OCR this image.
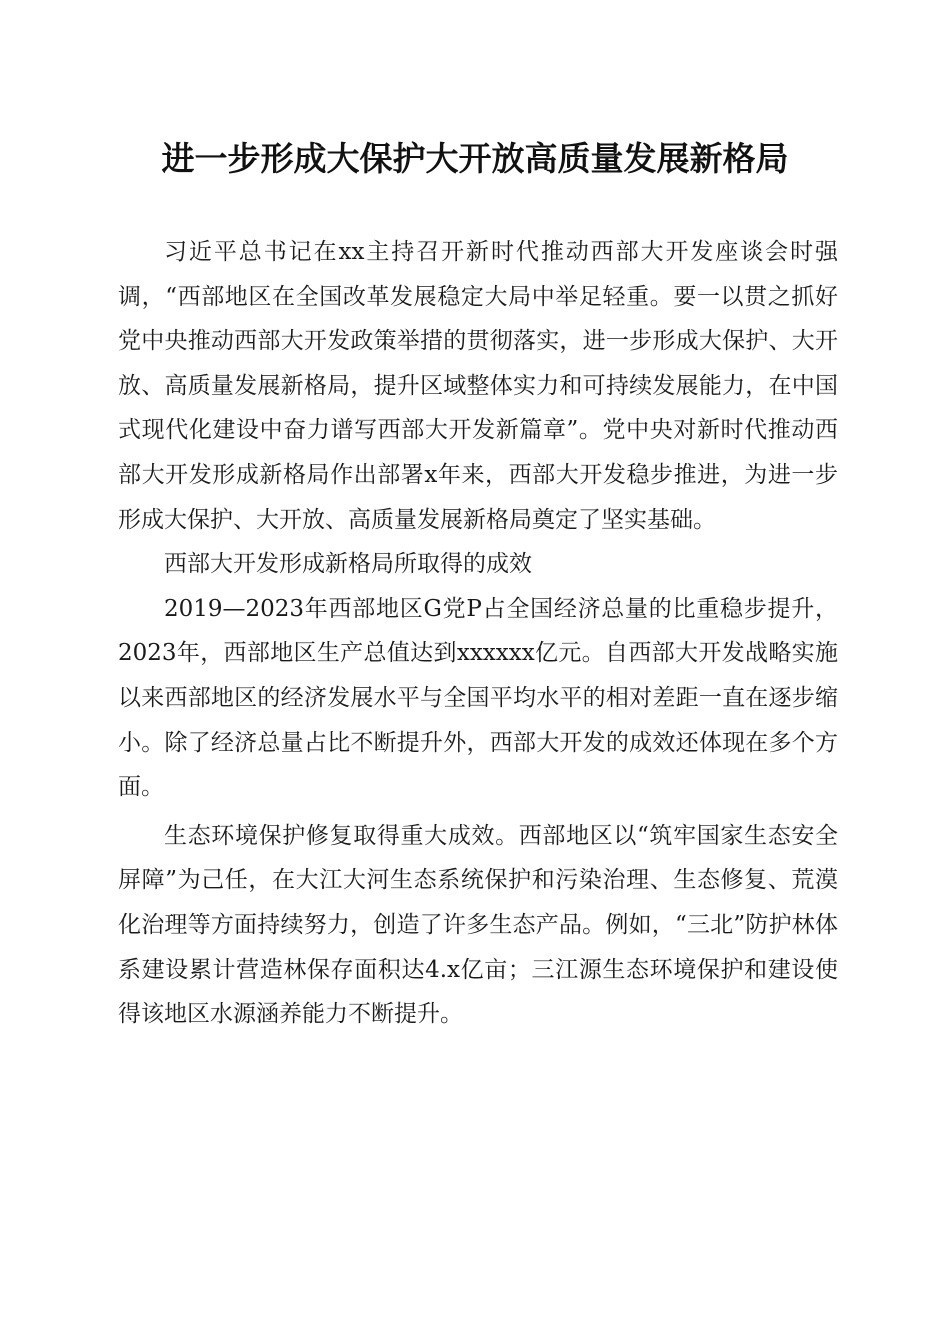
进一步形成大保护大开放高质量发展新格局

习近平总书记在xx主持召开新时代推动西部大开发座谈会时强调，“西部地区在全国改革发展稳定大局中举足轻重。要一以贯之抓好党中央推动西部大开发政策举措的贯彻落实，进一步形成大保护、大开放、高质量发展新格局，提升区域整体实力和可持续发展能力，在中国式现代化建设中奋力谱写西部大开发新篇章”。党中央对新时代推动西部大开发形成新格局作出部署x年来，西部大开发稳步推进，为进一步形成大保护、大开放、高质量发展新格局奠定了坚实基础。

西部大开发形成新格局所取得的成效

2019—2023年西部地区G党P占全国经济总量的比重稳步提升，2023年，西部地区生产总值达到xxxxxx亿元。自西部大开发战略实施以来西部地区的经济发展水平与全国平均水平的相对差距一直在逐步缩小。除了经济总量占比不断提升外，西部大开发的成效还体现在多个方面。

生态环境保护修复取得重大成效。西部地区以“筑牢国家生态安全屏障”为己任，在大江大河生态系统保护和污染治理、生态修复、荒漠化治理等方面持续努力，创造了许多生态产品。例如，“三北”防护林体系建设累计营造林保存面积达4.x亿亩；三江源生态环境保护和建设使得该地区水源涵养能力不断提升。
